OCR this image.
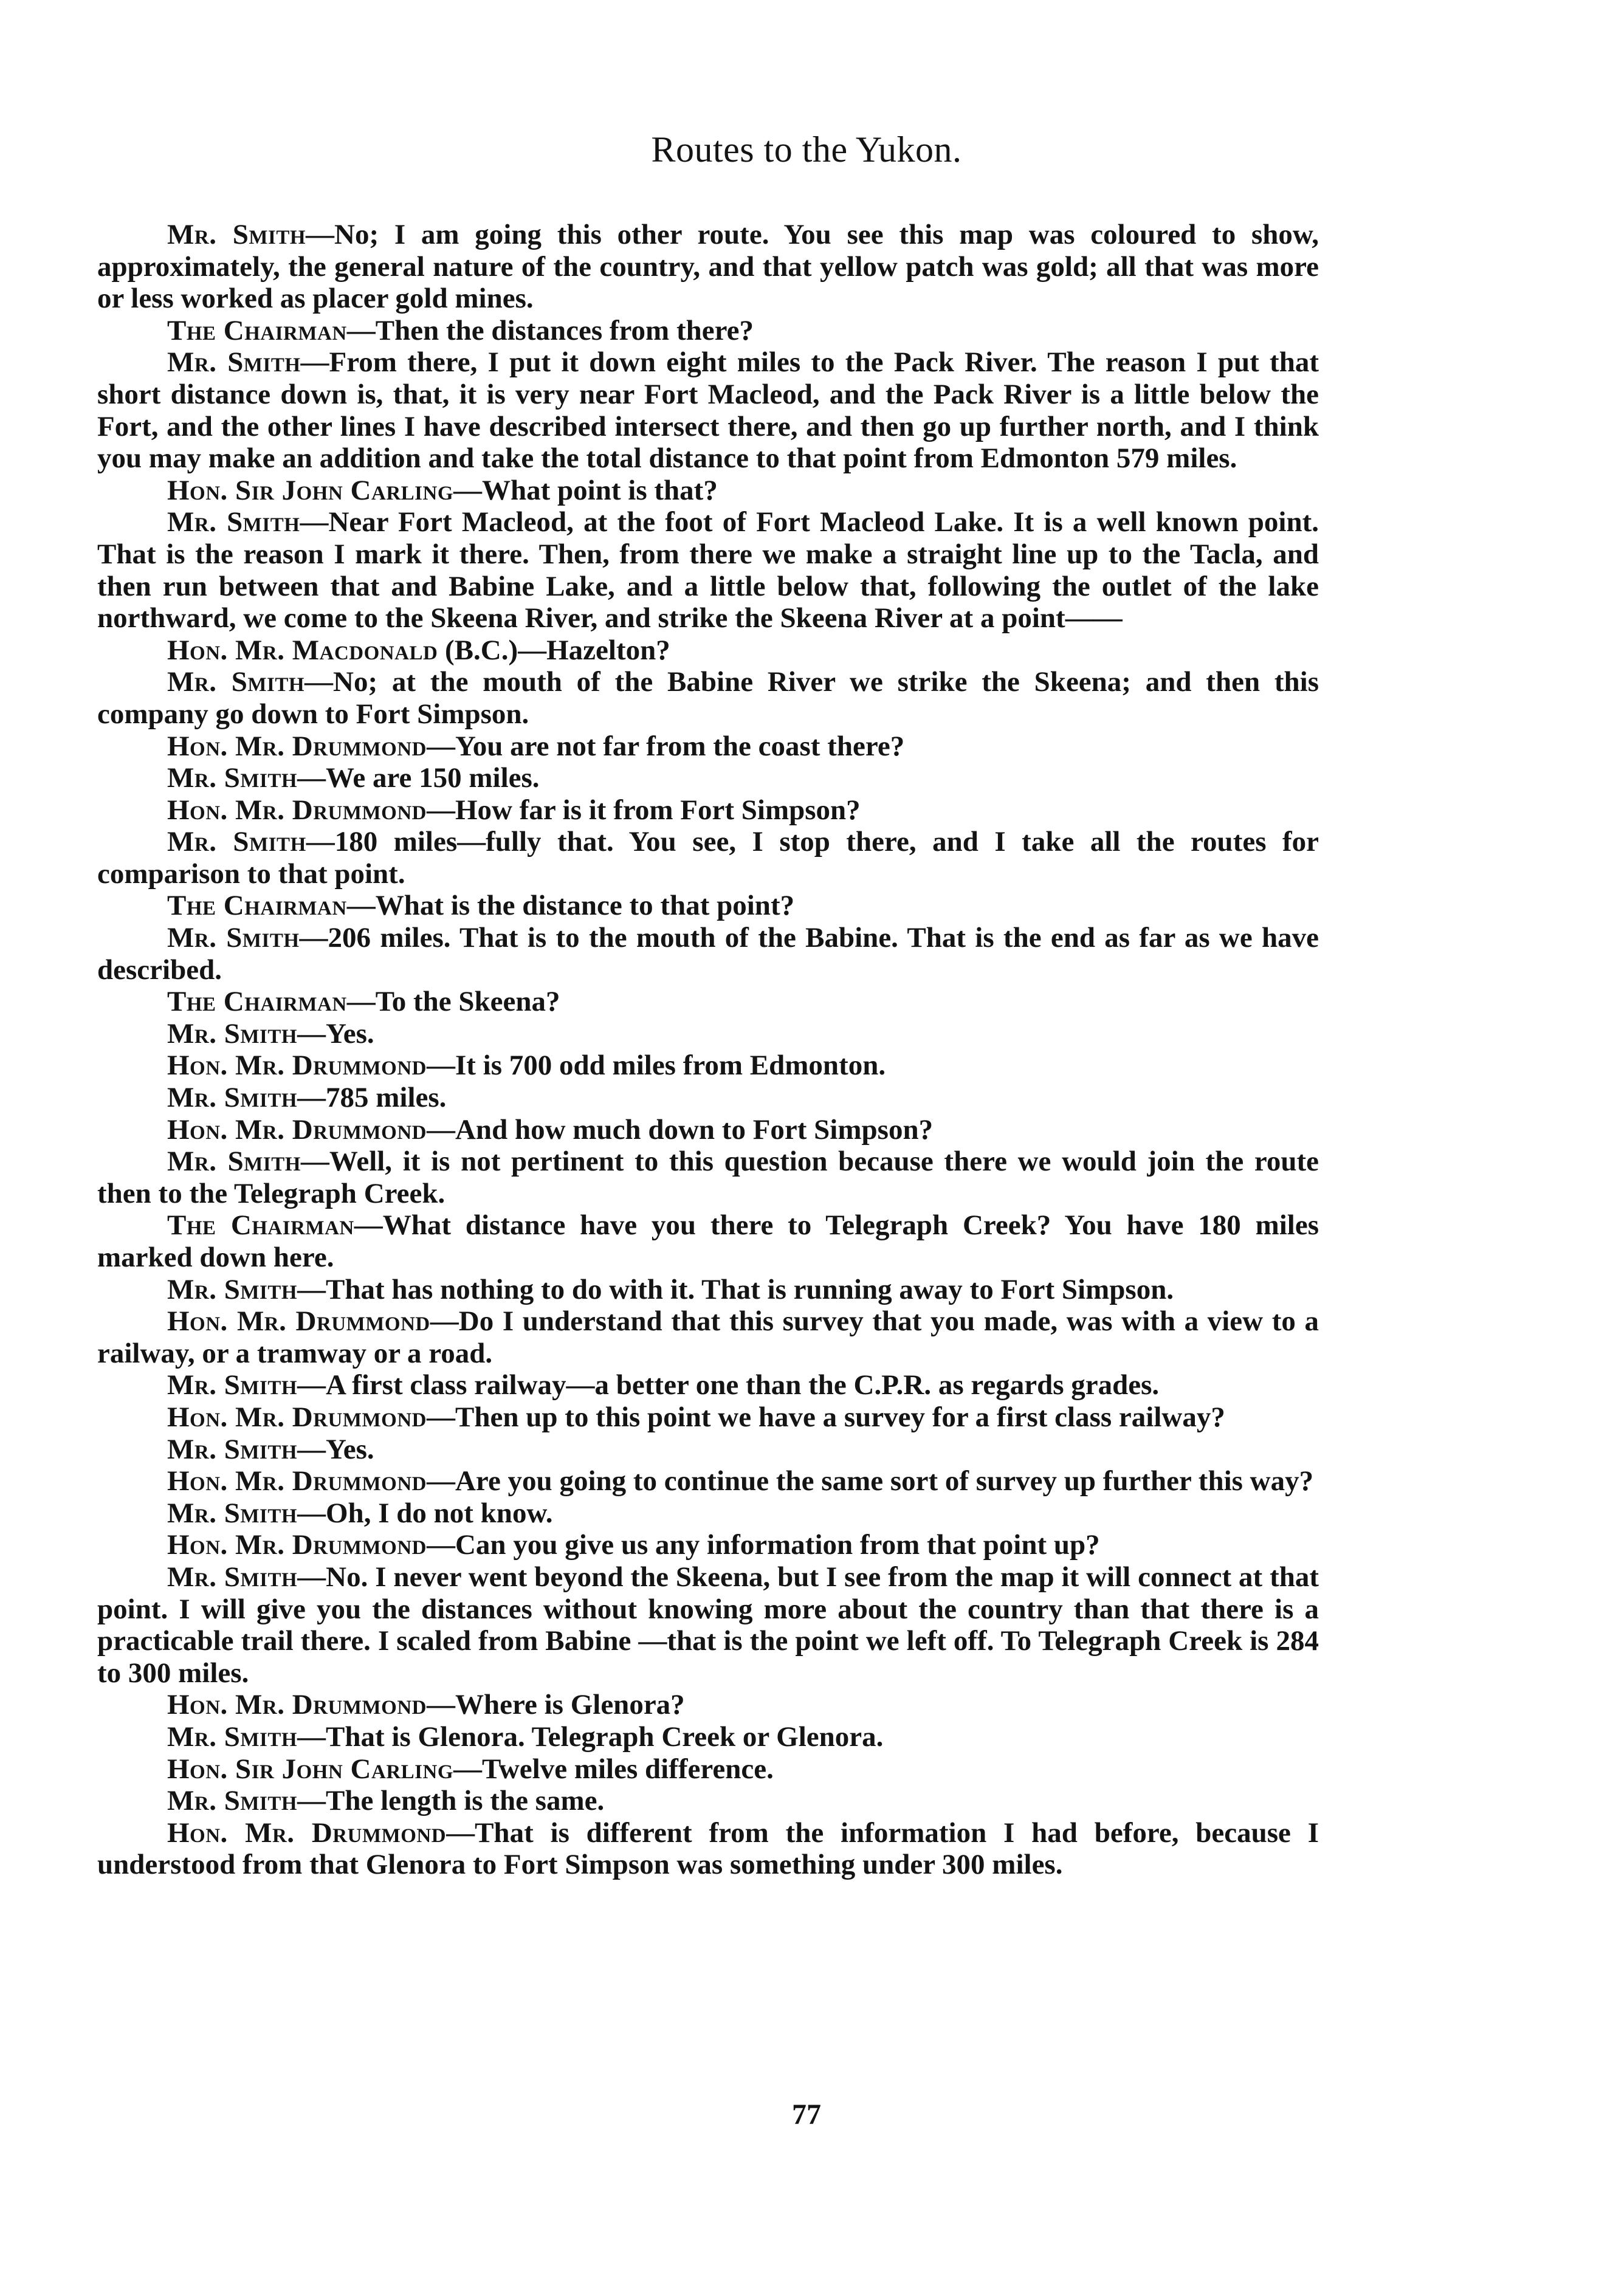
Routes to the Yukon.

Mr. Smith—No; I am going this other route. You see this map was coloured to show, approximately, the general nature of the country, and that yellow patch was gold; all that was more or less worked as placer gold mines.

The Chairman—Then the distances from there?

Mr. Smith—From there, I put it down eight miles to the Pack River. The reason I put that short distance down is, that, it is very near Fort Macleod, and the Pack River is a little below the Fort, and the other lines I have described intersect there, and then go up further north, and I think you may make an addition and take the total distance to that point from Edmonton 579 miles.

Hon. Sir John Carling—What point is that?

Mr. Smith—Near Fort Macleod, at the foot of Fort Macleod Lake. It is a well known point. That is the reason I mark it there. Then, from there we make a straight line up to the Tacla, and then run between that and Babine Lake, and a little below that, following the outlet of the lake northward, we come to the Skeena River, and strike the Skeena River at a point——

Hon. Mr. Macdonald (B.C.)—Hazelton?

Mr. Smith—No; at the mouth of the Babine River we strike the Skeena; and then this company go down to Fort Simpson.

Hon. Mr. Drummond—You are not far from the coast there?

Mr. Smith—We are 150 miles.

Hon. Mr. Drummond—How far is it from Fort Simpson?

Mr. Smith—180 miles—fully that. You see, I stop there, and I take all the routes for comparison to that point.

The Chairman—What is the distance to that point?

Mr. Smith—206 miles. That is to the mouth of the Babine. That is the end as far as we have described.

The Chairman—To the Skeena?

Mr. Smith—Yes.

Hon. Mr. Drummond—It is 700 odd miles from Edmonton.

Mr. Smith—785 miles.

Hon. Mr. Drummond—And how much down to Fort Simpson?

Mr. Smith—Well, it is not pertinent to this question because there we would join the route then to the Telegraph Creek.

The Chairman—What distance have you there to Telegraph Creek? You have 180 miles marked down here.

Mr. Smith—That has nothing to do with it. That is running away to Fort Simpson.

Hon. Mr. Drummond—Do I understand that this survey that you made, was with a view to a railway, or a tramway or a road.

Mr. Smith—A first class railway—a better one than the C.P.R. as regards grades.

Hon. Mr. Drummond—Then up to this point we have a survey for a first class railway?

Mr. Smith—Yes.

Hon. Mr. Drummond—Are you going to continue the same sort of survey up further this way?

Mr. Smith—Oh, I do not know.

Hon. Mr. Drummond—Can you give us any information from that point up?

Mr. Smith—No. I never went beyond the Skeena, but I see from the map it will connect at that point. I will give you the distances without knowing more about the country than that there is a practicable trail there. I scaled from Babine —that is the point we left off. To Telegraph Creek is 284 to 300 miles.

Hon. Mr. Drummond—Where is Glenora?

Mr. Smith—That is Glenora. Telegraph Creek or Glenora.

Hon. Sir John Carling—Twelve miles difference.

Mr. Smith—The length is the same.

Hon. Mr. Drummond—That is different from the information I had before, because I understood from that Glenora to Fort Simpson was something under 300 miles.

77
